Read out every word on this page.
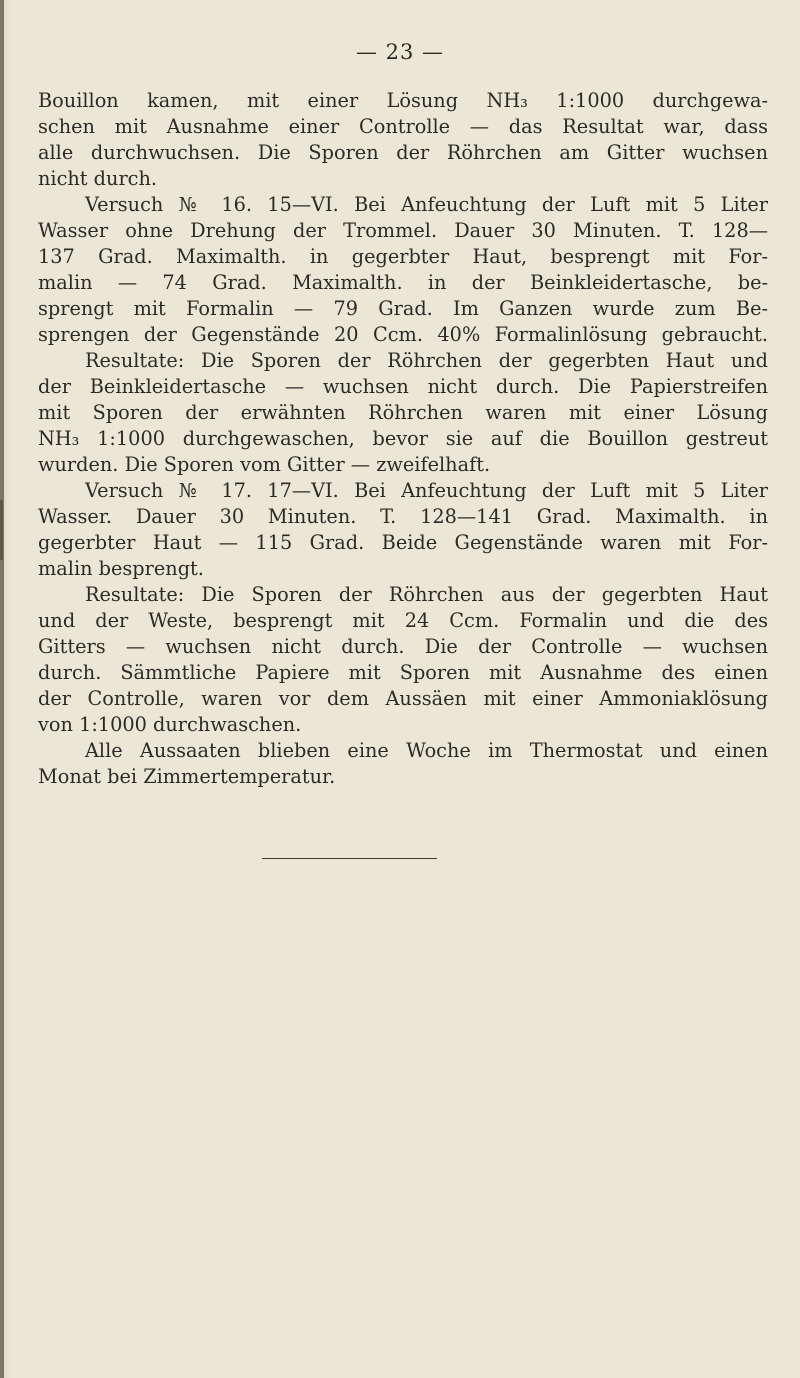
— 23 —
Bouillon kamen, mit einer Lösung NH₃ 1:1000 durchgewa-
schen mit Ausnahme einer Controlle — das Resultat war, dass
alle durchwuchsen. Die Sporen der Röhrchen am Gitter wuchsen
nicht durch.
Versuch № 16. 15—VI. Bei Anfeuchtung der Luft mit 5 Liter
Wasser ohne Drehung der Trommel. Dauer 30 Minuten. T. 128—
137 Grad. Maximalth. in gegerbter Haut, besprengt mit For-
malin — 74 Grad. Maximalth. in der Beinkleidertasche, be-
sprengt mit Formalin — 79 Grad. Im Ganzen wurde zum Be-
sprengen der Gegenstände 20 Ccm. 40% Formalinlösung gebraucht.
Resultate: Die Sporen der Röhrchen der gegerbten Haut und
der Beinkleidertasche — wuchsen nicht durch. Die Papierstreifen
mit Sporen der erwähnten Röhrchen waren mit einer Lösung
NH₃ 1:1000 durchgewaschen, bevor sie auf die Bouillon gestreut
wurden. Die Sporen vom Gitter — zweifelhaft.
Versuch № 17. 17—VI. Bei Anfeuchtung der Luft mit 5 Liter
Wasser. Dauer 30 Minuten. T. 128—141 Grad. Maximalth. in
gegerbter Haut — 115 Grad. Beide Gegenstände waren mit For-
malin besprengt.
Resultate: Die Sporen der Röhrchen aus der gegerbten Haut
und der Weste, besprengt mit 24 Ccm. Formalin und die des
Gitters — wuchsen nicht durch. Die der Controlle — wuchsen
durch. Sämmtliche Papiere mit Sporen mit Ausnahme des einen
der Controlle, waren vor dem Aussäen mit einer Ammoniaklösung
von 1:1000 durchwaschen.
Alle Aussaaten blieben eine Woche im Thermostat und einen
Monat bei Zimmertemperatur.
